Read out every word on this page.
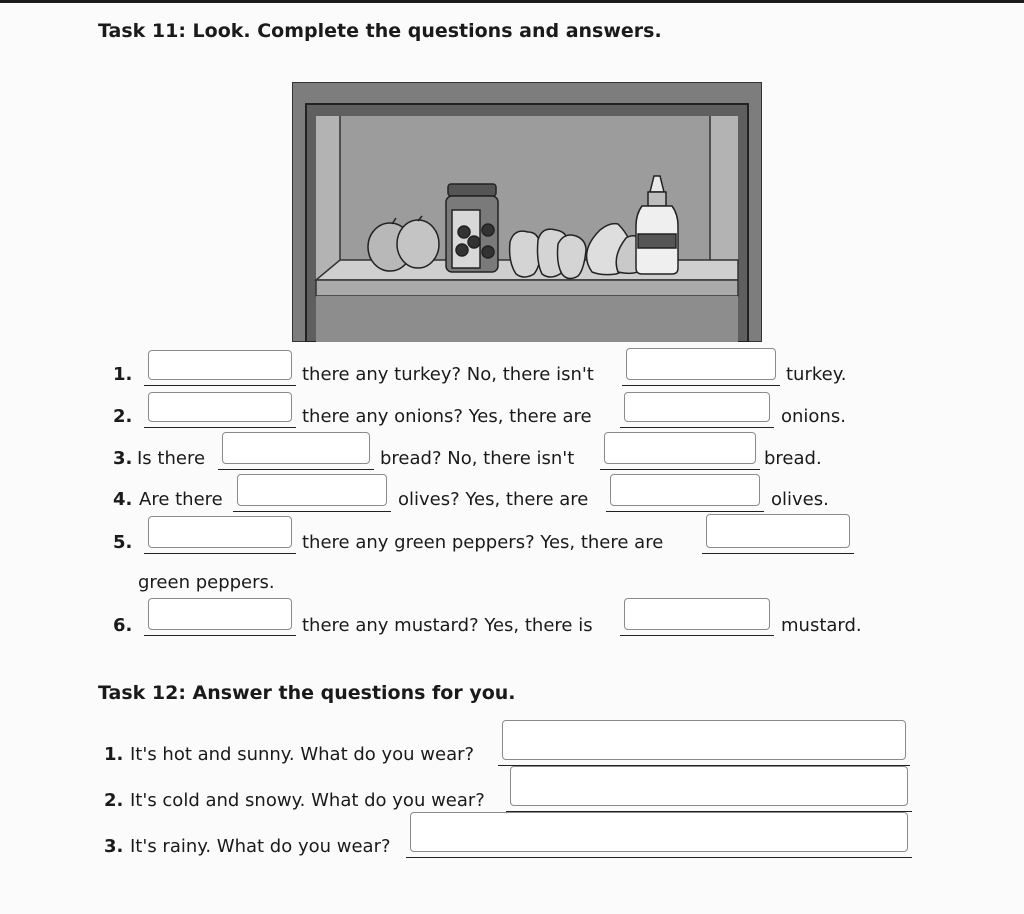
Task 11: Look. Complete the questions and answers.
1.	there any turkey? No, there isn't	turkey.
2.	there any onions? Yes, there are	onions.
3. Is there	bread? No, there isn't	bread.
4. Are there	olives? Yes, there are	olives.
5.	there any green peppers? Yes, there are
green peppers.
6.	there any mustard? Yes, there is	mustard.
Task 12: Answer the questions for you.
1. It's hot and sunny. What do you wear?
2. It's cold and snowy. What do you wear?
3. It's rainy. What do you wear?
